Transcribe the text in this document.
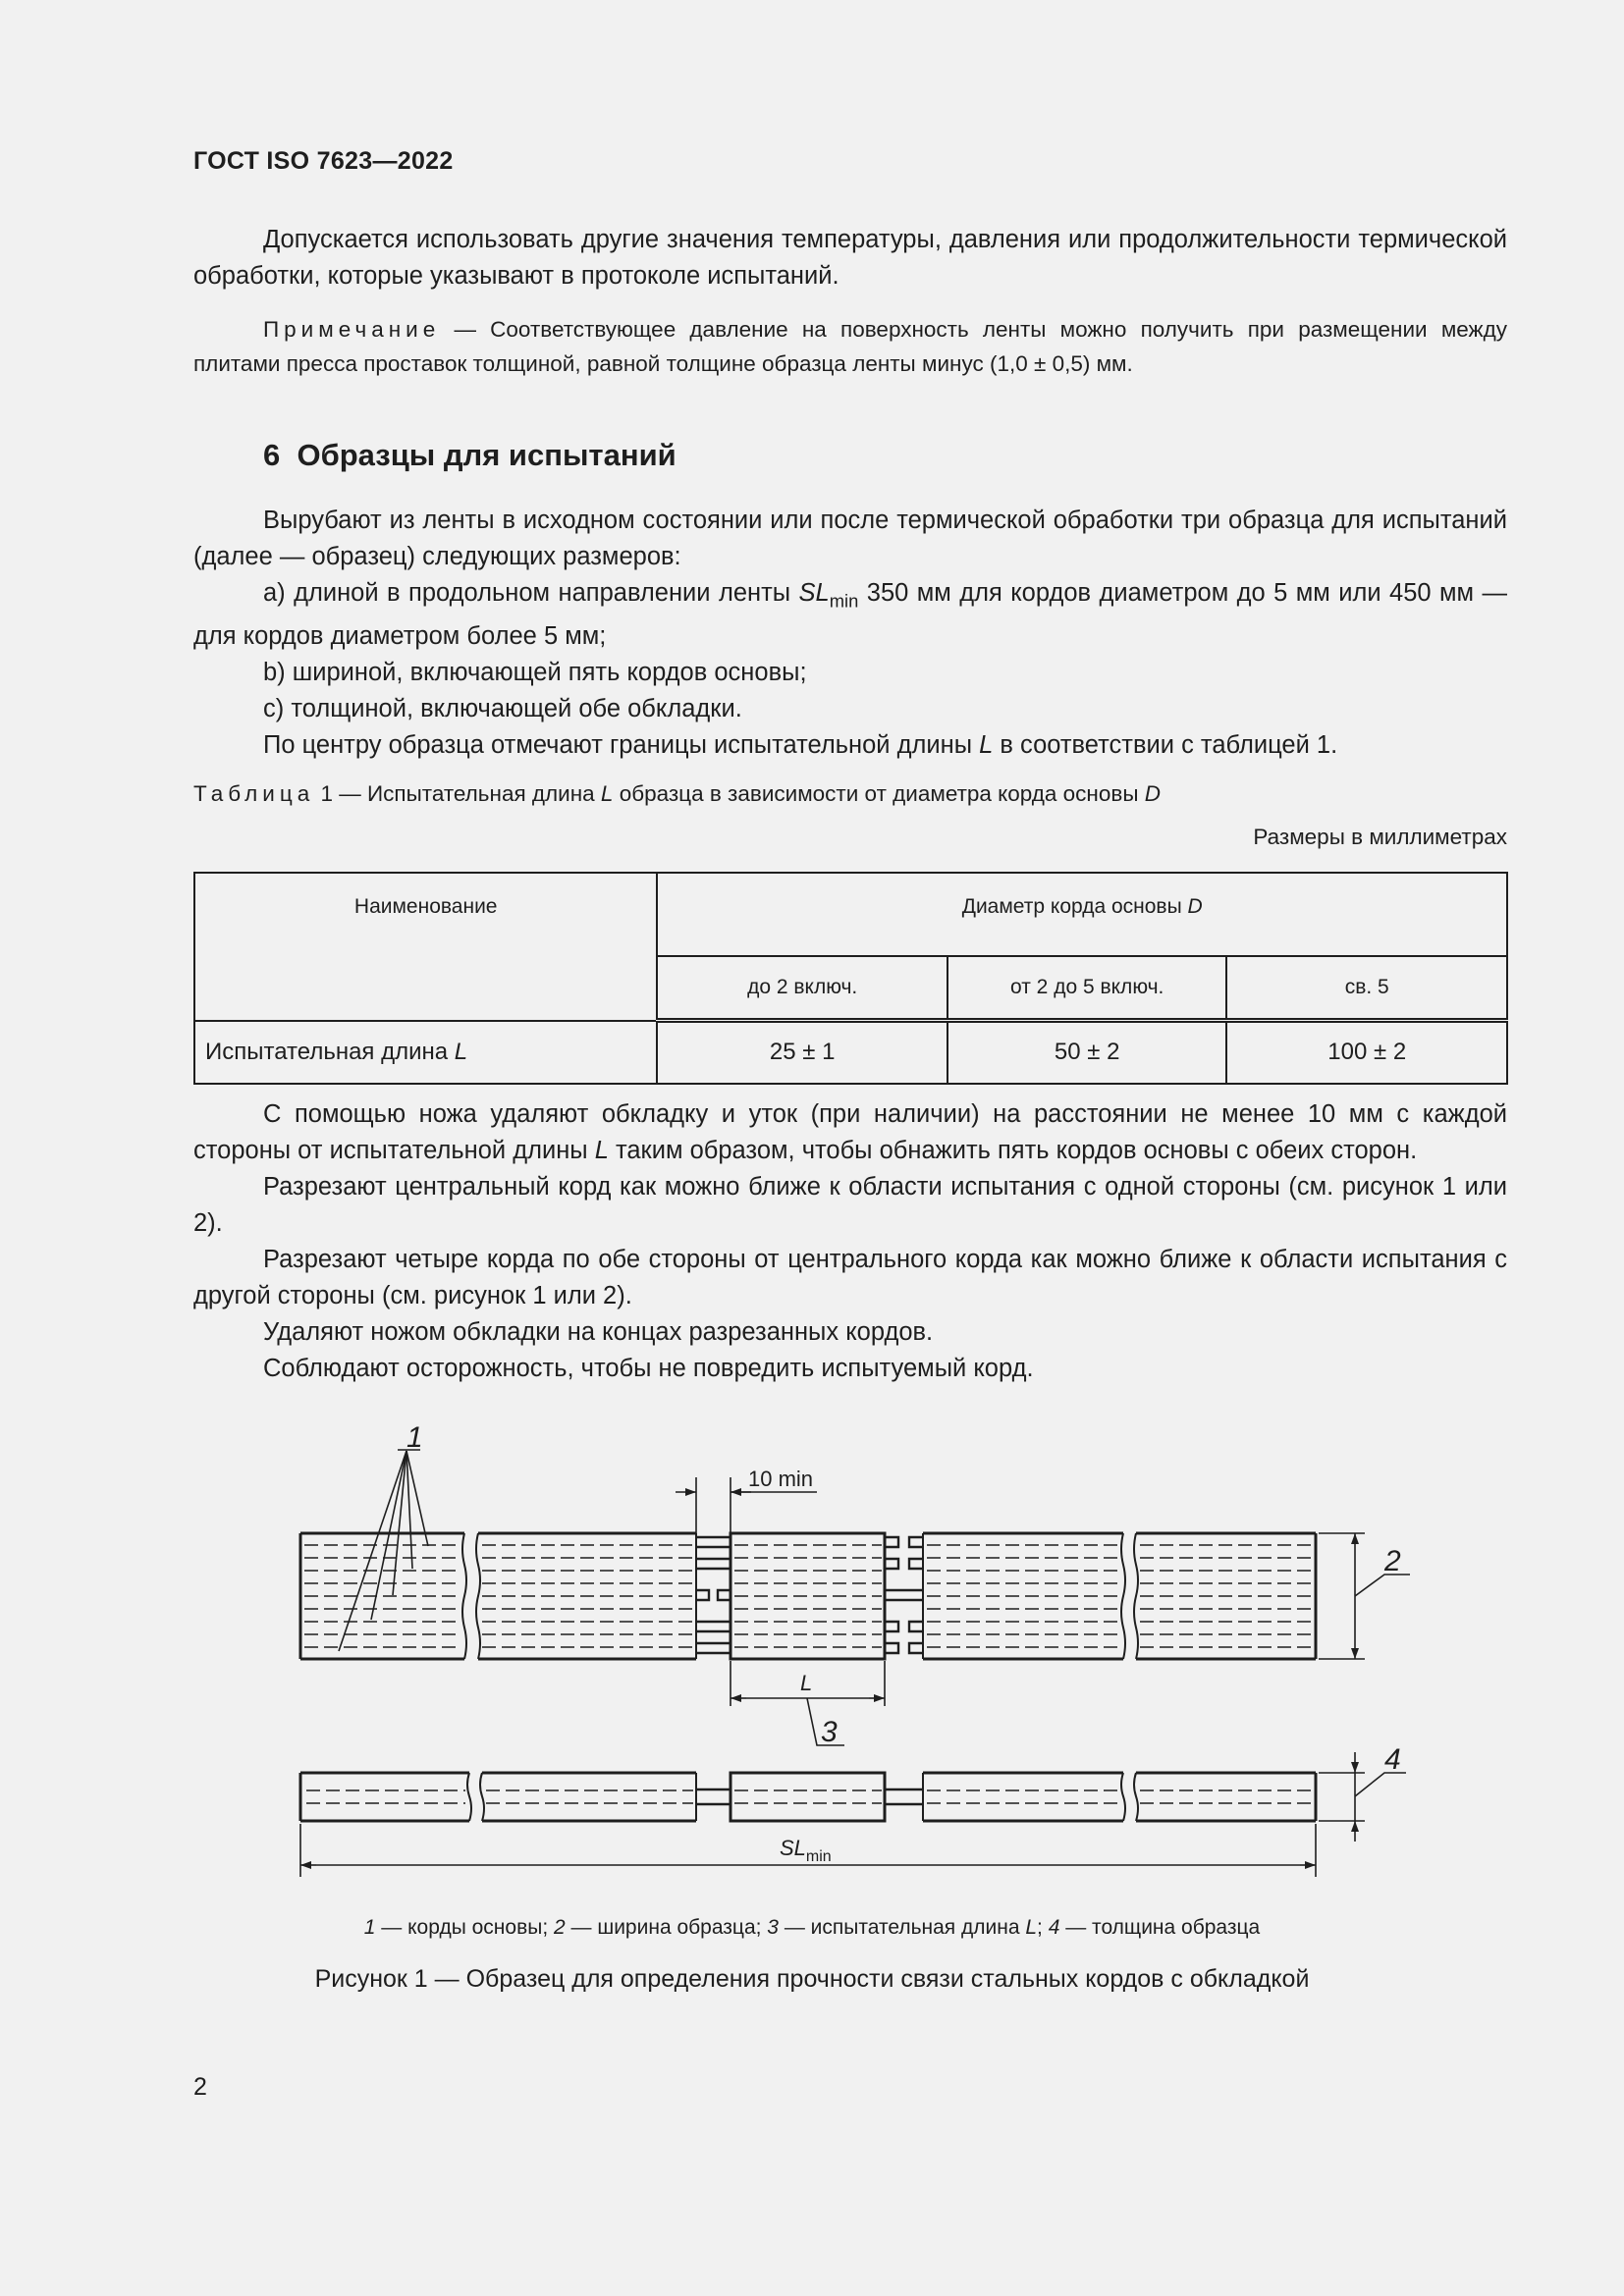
ГОСТ ISO 7623—2022

Допускается использовать другие значения температуры, давления или продолжительности термической обработки, которые указывают в протоколе испытаний.

Примечание — Соответствующее давление на поверхность ленты можно получить при размещении между плитами пресса проставок толщиной, равной толщине образца ленты минус (1,0 ± 0,5) мм.
6 Образцы для испытаний

Вырубают из ленты в исходном состоянии или после термической обработки три образца для испытаний (далее — образец) следующих размеров:

а) длиной в продольном направлении ленты $SL_{min}$ 350 мм для кордов диаметром до 5 мм или 450 мм — для кордов диаметром более 5 мм;

b) шириной, включающей пять кордов основы;

c) толщиной, включающей обе обкладки.

По центру образца отмечают границы испытательной длины L в соответствии с таблицей 1.

Таблица 1 — Испытательная длина L образца в зависимости от диаметра корда основы D
Размеры в миллиметрах
Наименование	Диаметр корда основы D		
	до 2 включ.	от 2 до 5 включ.	св. 5
Испытательная длина L	25 ± 1	50 ± 2	100 ± 2

С помощью ножа удаляют обкладку и уток (при наличии) на расстоянии не менее 10 мм с каждой стороны от испытательной длины L таким образом, чтобы обнажить пять кордов основы с обеих сторон.

Разрезают центральный корд как можно ближе к области испытания с одной стороны (см. рисунок 1 или 2).

Разрезают четыре корда по обе стороны от центрального корда как можно ближе к области испытания с другой стороны (см. рисунок 1 или 2).

Удаляют ножом обкладки на концах разрезанных кордов.

Соблюдают осторожность, чтобы не повредить испытуемый корд.

1
10 min
2
L
3
4
$SL_{min}$
1 — корды основы; 2 — ширина образца; 3 — испытательная длина L; 4 — толщина образца
Рисунок 1 — Образец для определения прочности связи стальных кордов с обкладкой
2
